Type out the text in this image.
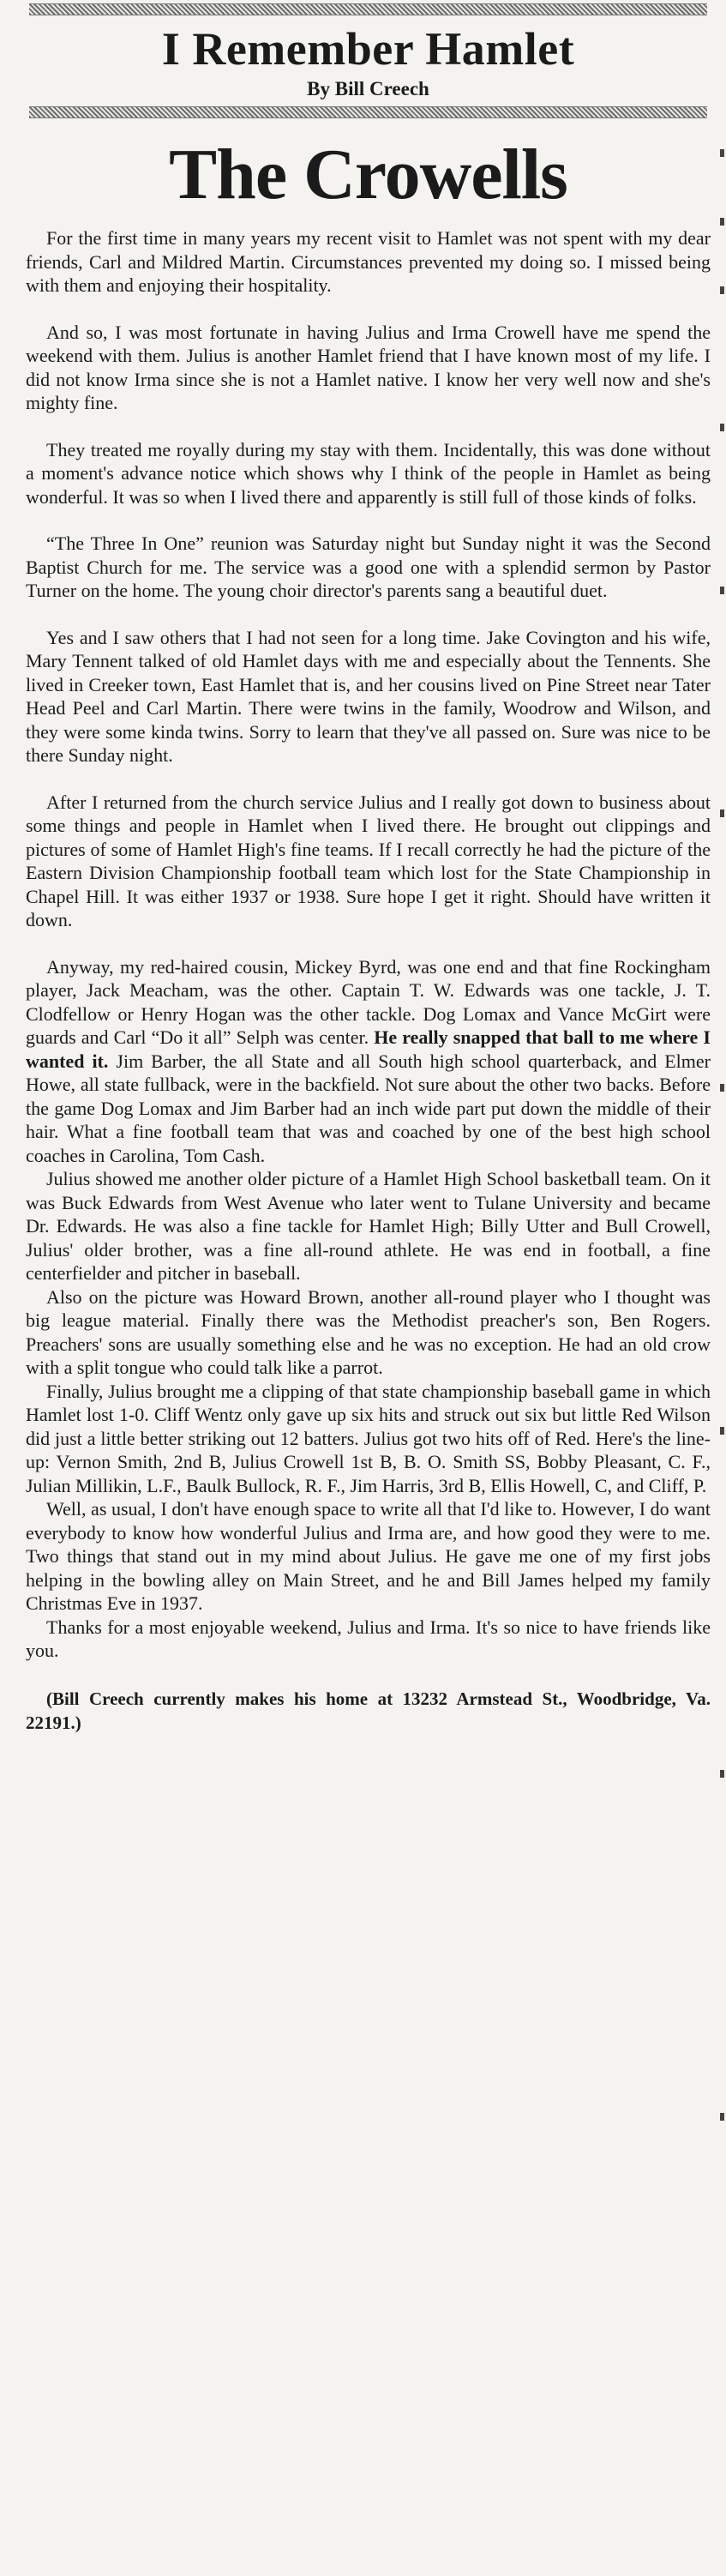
I Remember Hamlet
By Bill Creech
The Crowells

For the first time in many years my recent visit to Hamlet was not spent with my dear friends, Carl and Mildred Martin. Circumstances prevented my doing so. I missed being with them and enjoying their hospitality.

And so, I was most fortunate in having Julius and Irma Crowell have me spend the weekend with them. Julius is another Hamlet friend that I have known most of my life. I did not know Irma since she is not a Hamlet native. I know her very well now and she's mighty fine.

They treated me royally during my stay with them. Incidentally, this was done without a moment's advance notice which shows why I think of the people in Hamlet as being wonderful. It was so when I lived there and apparently is still full of those kinds of folks.

“The Three In One” reunion was Saturday night but Sunday night it was the Second Baptist Church for me. The service was a good one with a splendid sermon by Pastor Turner on the home. The young choir director's parents sang a beautiful duet.

Yes and I saw others that I had not seen for a long time. Jake Covington and his wife, Mary Tennent talked of old Hamlet days with me and especially about the Tennents. She lived in Creeker town, East Hamlet that is, and her cousins lived on Pine Street near Tater Head Peel and Carl Martin. There were twins in the family, Woodrow and Wilson, and they were some kinda twins. Sorry to learn that they've all passed on. Sure was nice to be there Sunday night.

After I returned from the church service Julius and I really got down to business about some things and people in Hamlet when I lived there. He brought out clippings and pictures of some of Hamlet High's fine teams. If I recall correctly he had the picture of the Eastern Division Championship football team which lost for the State Championship in Chapel Hill. It was either 1937 or 1938. Sure hope I get it right. Should have written it down.

Anyway, my red-haired cousin, Mickey Byrd, was one end and that fine Rockingham player, Jack Meacham, was the other. Captain T. W. Edwards was one tackle, J. T. Clodfellow or Henry Hogan was the other tackle. Dog Lomax and Vance McGirt were guards and Carl “Do it all” Selph was center. He really snapped that ball to me where I wanted it. Jim Barber, the all State and all South high school quarterback, and Elmer Howe, all state fullback, were in the backfield. Not sure about the other two backs. Before the game Dog Lomax and Jim Barber had an inch wide part put down the middle of their hair. What a fine football team that was and coached by one of the best high school coaches in Carolina, Tom Cash.

Julius showed me another older picture of a Hamlet High School basketball team. On it was Buck Edwards from West Avenue who later went to Tulane University and became Dr. Edwards. He was also a fine tackle for Hamlet High; Billy Utter and Bull Crowell, Julius' older brother, was a fine all-round athlete. He was end in football, a fine centerfielder and pitcher in baseball.

Also on the picture was Howard Brown, another all-round player who I thought was big league material. Finally there was the Methodist preacher's son, Ben Rogers. Preachers' sons are usually something else and he was no exception. He had an old crow with a split tongue who could talk like a parrot.

Finally, Julius brought me a clipping of that state championship baseball game in which Hamlet lost 1-0. Cliff Wentz only gave up six hits and struck out six but little Red Wilson did just a little better striking out 12 batters. Julius got two hits off of Red. Here's the line-up: Vernon Smith, 2nd B, Julius Crowell 1st B, B. O. Smith SS, Bobby Pleasant, C. F., Julian Millikin, L.F., Baulk Bullock, R. F., Jim Harris, 3rd B, Ellis Howell, C, and Cliff, P.

Well, as usual, I don't have enough space to write all that I'd like to. However, I do want everybody to know how wonderful Julius and Irma are, and how good they were to me. Two things that stand out in my mind about Julius. He gave me one of my first jobs helping in the bowling alley on Main Street, and he and Bill James helped my family Christmas Eve in 1937.

Thanks for a most enjoyable weekend, Julius and Irma. It's so nice to have friends like you.

(Bill Creech currently makes his home at 13232 Armstead St., Woodbridge, Va. 22191.)
